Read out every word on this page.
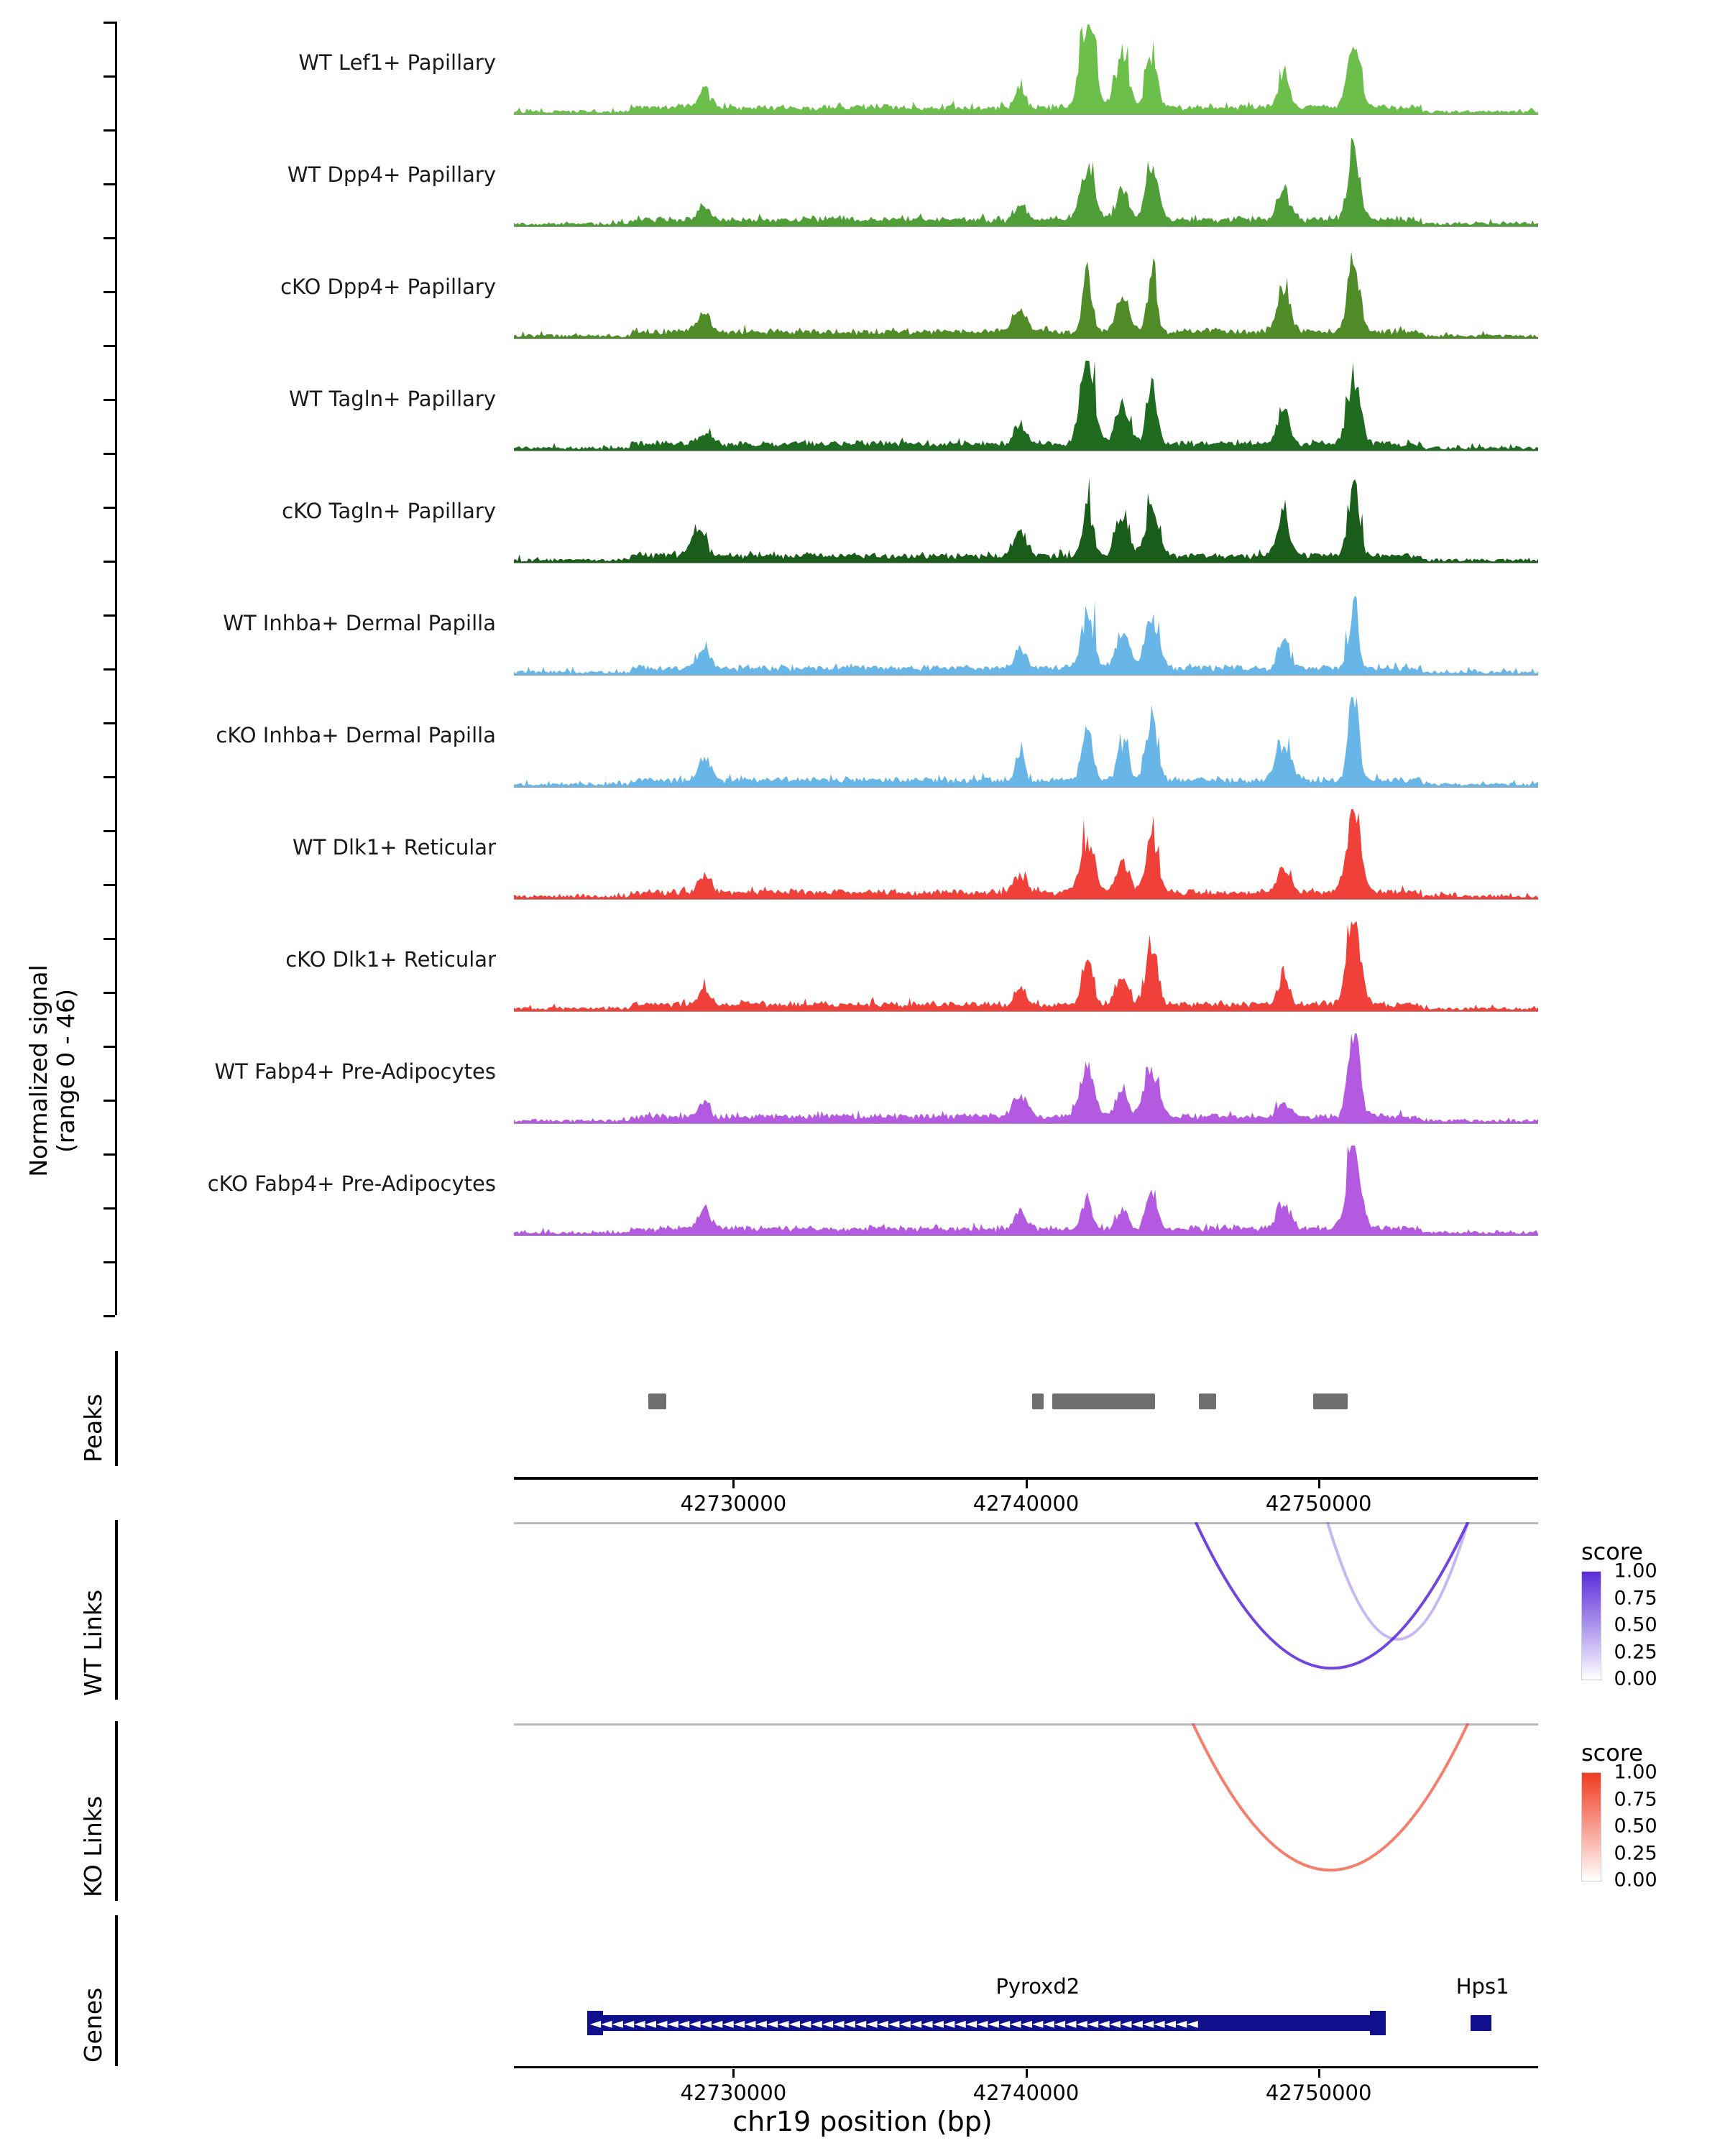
Normalized signal
(range 0 - 46)
WT Lef1+ Papillary
WT Dpp4+ Papillary
cKO Dpp4+ Papillary
WT Tagln+ Papillary
cKO Tagln+ Papillary
WT Inhba+ Dermal Papilla
cKO Inhba+ Dermal Papilla
WT Dlk1+ Reticular
cKO Dlk1+ Reticular
WT Fabp4+ Pre-Adipocytes
cKO Fabp4+ Pre-Adipocytes
Peaks
42730000	42740000	42750000
WT Links
KO Links
Genes
Pyroxd2
◄◄◄◄◄◄◄◄◄◄◄◄◄◄◄◄◄◄◄◄◄◄◄◄◄◄◄◄◄◄◄◄◄◄◄◄◄◄◄◄◄◄◄◄◄◄◄◄◄◄◄◄◄◄◄
Hps1
42730000	42740000	42750000
chr19 position (bp)
score

1.00
0.75
0.50
0.25
0.00
score

1.00
0.75
0.50
0.25
0.00
